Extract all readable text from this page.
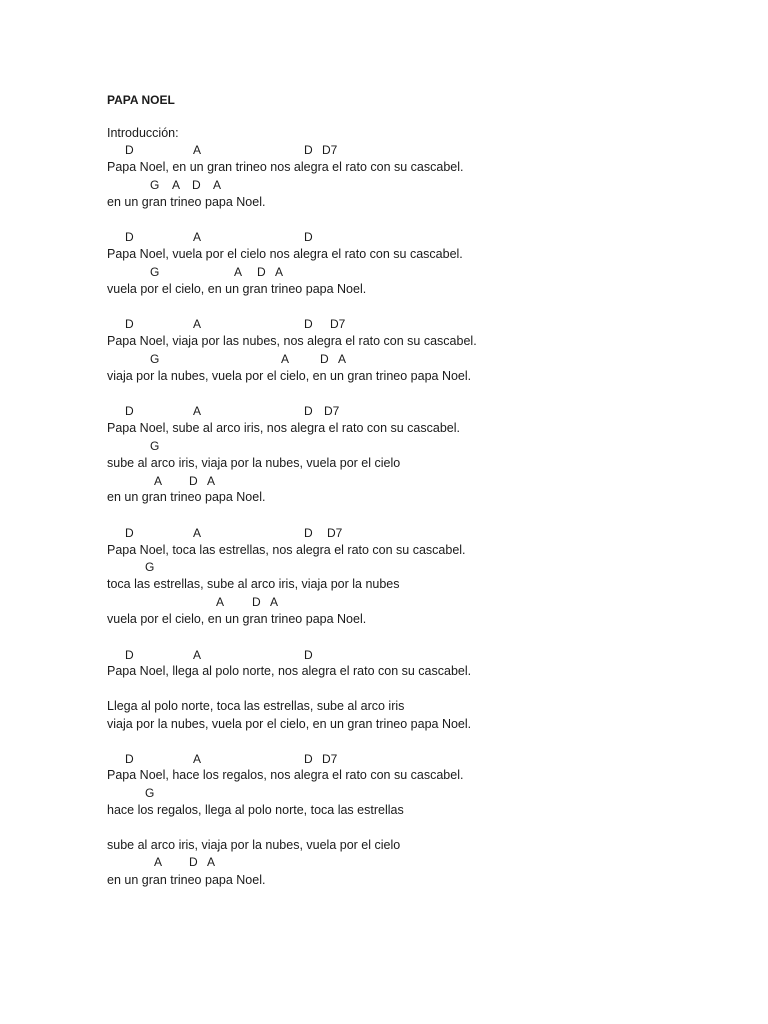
PAPA NOEL
Introducción:
D	A	D D7
Papa Noel, en un gran trineo nos alegra el rato con su cascabel.
G A D A
en un gran trineo papa Noel.
D	A	D
Papa Noel, vuela por el cielo nos alegra el rato con su cascabel.
G	A D A
vuela por el cielo, en un gran trineo papa Noel.
D	A	D D7
Papa Noel, viaja por las nubes, nos alegra el rato con su cascabel.
G	A	D A
viaja por la nubes, vuela por el cielo, en un gran trineo papa Noel.
D	A	D D7
Papa Noel, sube al arco iris, nos alegra el rato con su cascabel.
G
sube al arco iris, viaja por la nubes, vuela por el cielo
A D A
en un gran trineo papa Noel.
D	A	D D7
Papa Noel, toca las estrellas, nos alegra el rato con su cascabel.
G
toca las estrellas, sube al arco iris, viaja por la nubes
A D A
vuela por el cielo, en un gran trineo papa Noel.
D	A	D
Papa Noel, llega al polo norte, nos alegra el rato con su cascabel.
Llega al polo norte, toca las estrellas, sube al arco iris
viaja por la nubes, vuela por el cielo, en un gran trineo papa Noel.
D	A	D D7
Papa Noel, hace los regalos, nos alegra el rato con su cascabel.
G
hace los regalos, llega al polo norte, toca las estrellas
sube al arco iris, viaja por la nubes, vuela por el cielo
A D A
en un gran trineo papa Noel.
